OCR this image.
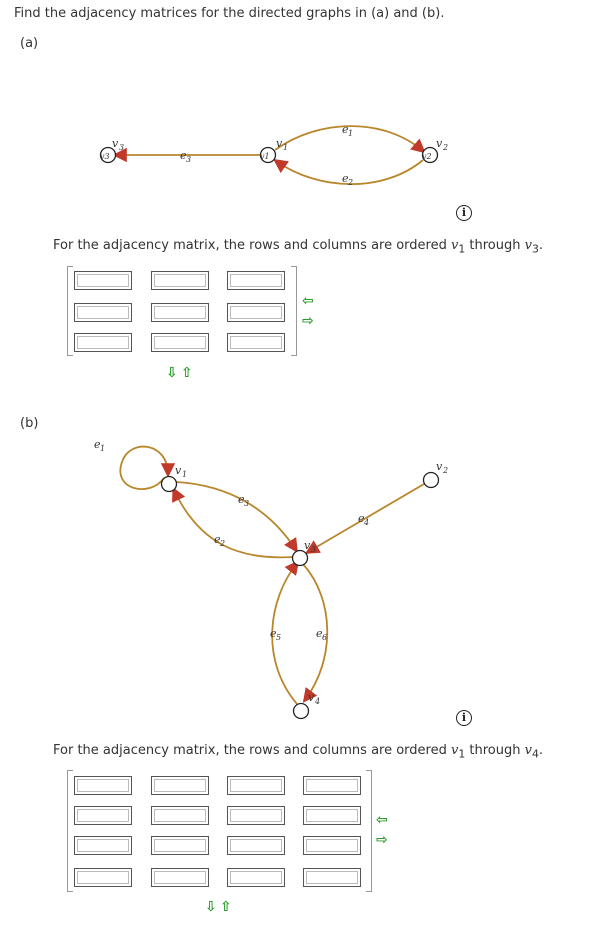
Find the adjacency matrices for the directed graphs in (a) and (b).
(a)
v 3
v3
v 1
v1
v 2
v2
e 3
e 1
e 2
i
For the adjacency matrix, the rows and columns are ordered $v_1$ through $v_3$.
⇦
⇨
⇩ ⇧
(b)
e 1
v 1
v 2
e 3
e 2
e 4
v 3
e 5	e 6
v 4
i
For the adjacency matrix, the rows and columns are ordered $v_1$ through $v_4$.
⇦
⇨
⇩ ⇧
